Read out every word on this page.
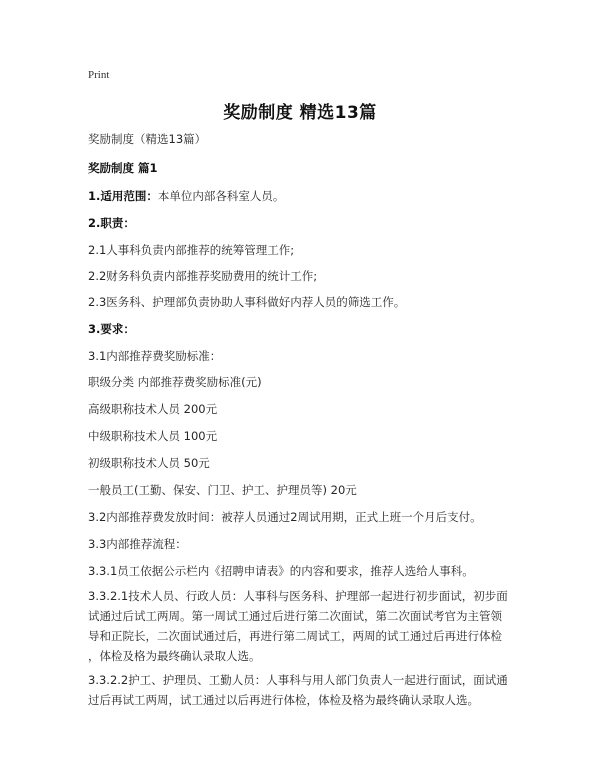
Print
奖励制度 精选13篇
奖励制度（精选13篇）
奖励制度 篇1
1.适用范围：本单位内部各科室人员。
2.职责：
2.1人事科负责内部推荐的统筹管理工作;
2.2财务科负责内部推荐奖励费用的统计工作;
2.3医务科、护理部负责协助人事科做好内荐人员的筛选工作。
3.要求：
3.1内部推荐费奖励标准：
职级分类 内部推荐费奖励标准(元)
高级职称技术人员 200元
中级职称技术人员 100元
初级职称技术人员 50元
一般员工(工勤、保安、门卫、护工、护理员等) 20元
3.2内部推荐费发放时间：被荐人员通过2周试用期，正式上班一个月后支付。
3.3内部推荐流程：
3.3.1员工依据公示栏内《招聘申请表》的内容和要求，推荐人选给人事科。
3.3.2.1技术人员、行政人员：人事科与医务科、护理部一起进行初步面试，初步面
试通过后试工两周。第一周试工通过后进行第二次面试，第二次面试考官为主管领
导和正院长，二次面试通过后，再进行第二周试工，两周的试工通过后再进行体检
，体检及格为最终确认录取人选。
3.3.2.2护工、护理员、工勤人员：人事科与用人部门负责人一起进行面试，面试通
过后再试工两周，试工通过以后再进行体检，体检及格为最终确认录取人选。
